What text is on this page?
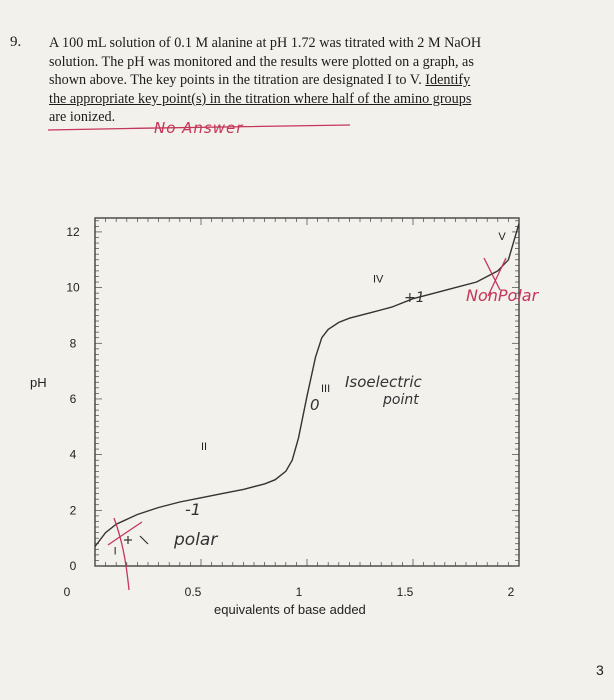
9. A 100 mL solution of 0.1 M alanine at pH 1.72 was titrated with 2 M NaOH
solution. The pH was monitored and the results were plotted on a graph, as
shown above. The key points in the titration are designated I to V. Identify
the appropriate key point(s) in the titration where half of the amino groups
are ionized.
No Answer
0
2
4
6
8
10
12
0	0.5	1	1.5	2
pH
equivalents of base added
I
II
III
IV
V
-1
polar
0
Isoelectric
point
+1	NonPolar
3
